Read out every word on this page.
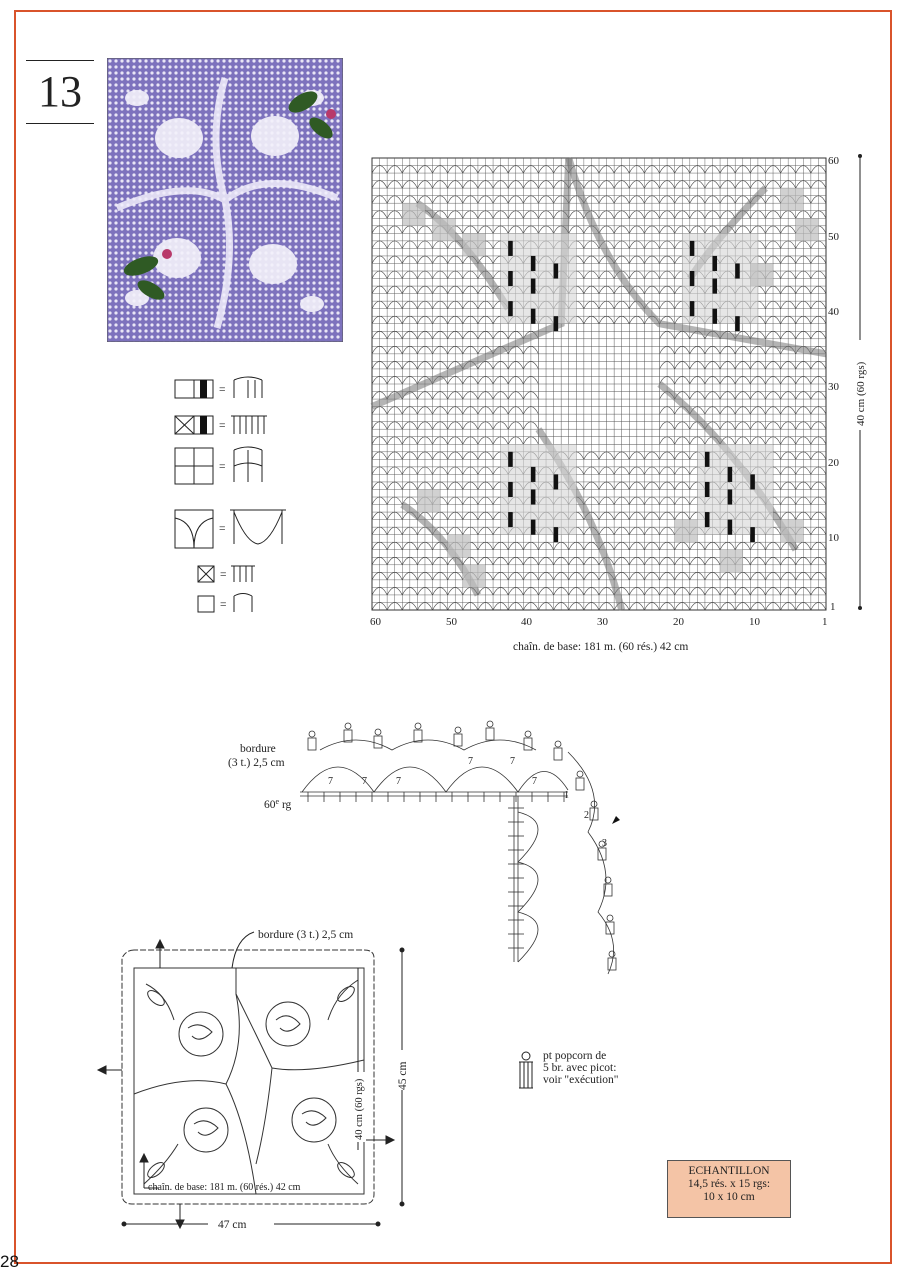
28
13
=
=
=
=
=
=
60
50
40
30
20
10
1
60	50	40	30	20	10	1
40 cm (60 rgs)
chaîn. de base: 181 m. (60 rés.) 42 cm
bordure
(3 t.) 2,5 cm
60e rg
7	7	7
7	7
7
1
2
3
bordure (3 t.) 2,5 cm
chaîn. de base: 181 m. (60 rés.) 42 cm
40 cm (60 rgs)
45 cm
47 cm
pt popcorn de
5 br. avec picot:
voir "exécution"
ECHANTILLON
14,5 rés. x 15 rgs:
10 x 10 cm
